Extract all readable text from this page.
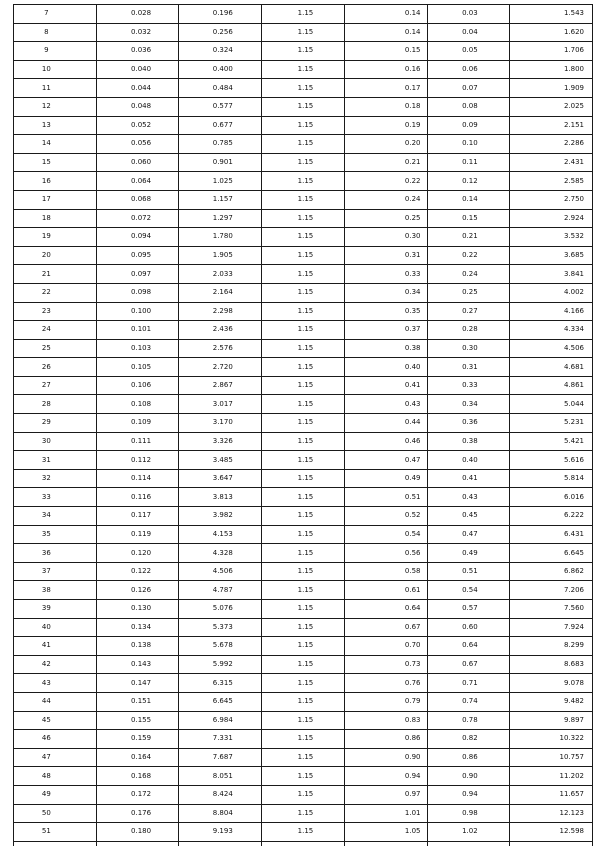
7	0.028	0.196	1.15	0.14	0.03	1.543
8	0.032	0.256	1.15	0.14	0.04	1.620
9	0.036	0.324	1.15	0.15	0.05	1.706
10	0.040	0.400	1.15	0.16	0.06	1.800
11	0.044	0.484	1.15	0.17	0.07	1.909
12	0.048	0.577	1.15	0.18	0.08	2.025
13	0.052	0.677	1.15	0.19	0.09	2.151
14	0.056	0.785	1.15	0.20	0.10	2.286
15	0.060	0.901	1.15	0.21	0.11	2.431
16	0.064	1.025	1.15	0.22	0.12	2.585
17	0.068	1.157	1.15	0.24	0.14	2.750
18	0.072	1.297	1.15	0.25	0.15	2.924
19	0.094	1.780	1.15	0.30	0.21	3.532
20	0.095	1.905	1.15	0.31	0.22	3.685
21	0.097	2.033	1.15	0.33	0.24	3.841
22	0.098	2.164	1.15	0.34	0.25	4.002
23	0.100	2.298	1.15	0.35	0.27	4.166
24	0.101	2.436	1.15	0.37	0.28	4.334
25	0.103	2.576	1.15	0.38	0.30	4.506
26	0.105	2.720	1.15	0.40	0.31	4.681
27	0.106	2.867	1.15	0.41	0.33	4.861
28	0.108	3.017	1.15	0.43	0.34	5.044
29	0.109	3.170	1.15	0.44	0.36	5.231
30	0.111	3.326	1.15	0.46	0.38	5.421
31	0.112	3.485	1.15	0.47	0.40	5.616
32	0.114	3.647	1.15	0.49	0.41	5.814
33	0.116	3.813	1.15	0.51	0.43	6.016
34	0.117	3.982	1.15	0.52	0.45	6.222
35	0.119	4.153	1.15	0.54	0.47	6.431
36	0.120	4.328	1.15	0.56	0.49	6.645
37	0.122	4.506	1.15	0.58	0.51	6.862
38	0.126	4.787	1.15	0.61	0.54	7.206
39	0.130	5.076	1.15	0.64	0.57	7.560
40	0.134	5.373	1.15	0.67	0.60	7.924
41	0.138	5.678	1.15	0.70	0.64	8.299
42	0.143	5.992	1.15	0.73	0.67	8.683
43	0.147	6.315	1.15	0.76	0.71	9.078
44	0.151	6.645	1.15	0.79	0.74	9.482
45	0.155	6.984	1.15	0.83	0.78	9.897
46	0.159	7.331	1.15	0.86	0.82	10.322
47	0.164	7.687	1.15	0.90	0.86	10.757
48	0.168	8.051	1.15	0.94	0.90	11.202
49	0.172	8.424	1.15	0.97	0.94	11.657
50	0.176	8.804	1.15	1.01	0.98	12.123
51	0.180	9.193	1.15	1.05	1.02	12.598
